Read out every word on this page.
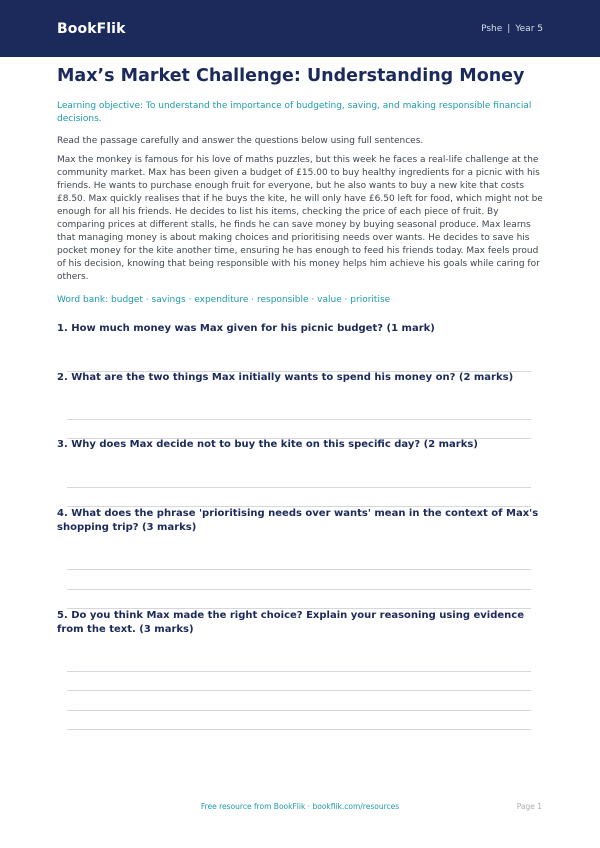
BookFlik	Pshe | Year 5
Max’s Market Challenge: Understanding Money
Learning objective: To understand the importance of budgeting, saving, and making responsible financial decisions.
Read the passage carefully and answer the questions below using full sentences.
Max the monkey is famous for his love of maths puzzles, but this week he faces a real-life challenge at the community market. Max has been given a budget of £15.00 to buy healthy ingredients for a picnic with his friends. He wants to purchase enough fruit for everyone, but he also wants to buy a new kite that costs £8.50. Max quickly realises that if he buys the kite, he will only have £6.50 left for food, which might not be enough for all his friends. He decides to list his items, checking the price of each piece of fruit. By comparing prices at different stalls, he finds he can save money by buying seasonal produce. Max learns that managing money is about making choices and prioritising needs over wants. He decides to save his pocket money for the kite another time, ensuring he has enough to feed his friends today. Max feels proud of his decision, knowing that being responsible with his money helps him achieve his goals while caring for others.
Word bank: budget · savings · expenditure · responsible · value · prioritise
1. How much money was Max given for his picnic budget? (1 mark)
2. What are the two things Max initially wants to spend his money on? (2 marks)
3. Why does Max decide not to buy the kite on this specific day? (2 marks)
4. What does the phrase 'prioritising needs over wants' mean in the context of Max's shopping trip? (3 marks)
5. Do you think Max made the right choice? Explain your reasoning using evidence from the text. (3 marks)
Free resource from BookFlik · bookflik.com/resources	Page 1
